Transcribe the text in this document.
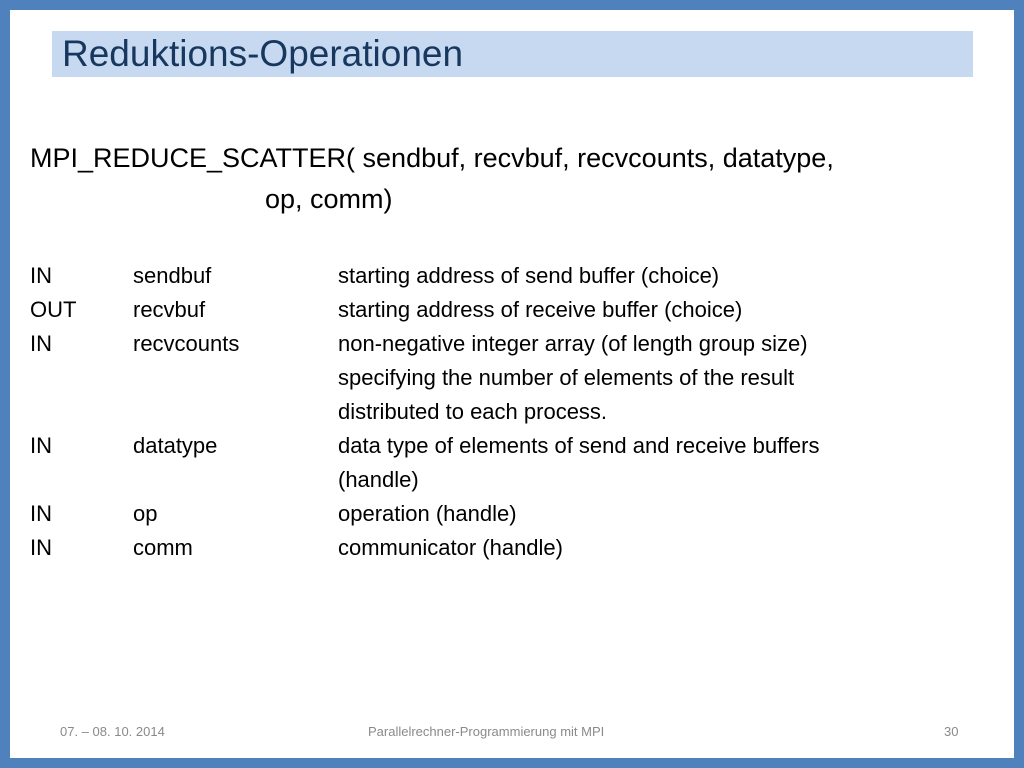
Reduktions-Operationen
MPI_REDUCE_SCATTER( sendbuf, recvbuf, recvcounts, datatype,
op, comm)
IN	sendbuf	starting address of send buffer (choice)
OUT	recvbuf	starting address of receive buffer (choice)
IN	recvcounts	non-negative integer array (of length group size)
specifying the number of elements of the result
distributed to each process.
IN	datatype	data type of elements of send and receive buffers
(handle)
IN	op	operation (handle)
IN	comm	communicator (handle)
07. – 08. 10. 2014	Parallelrechner-Programmierung mit MPI	30
